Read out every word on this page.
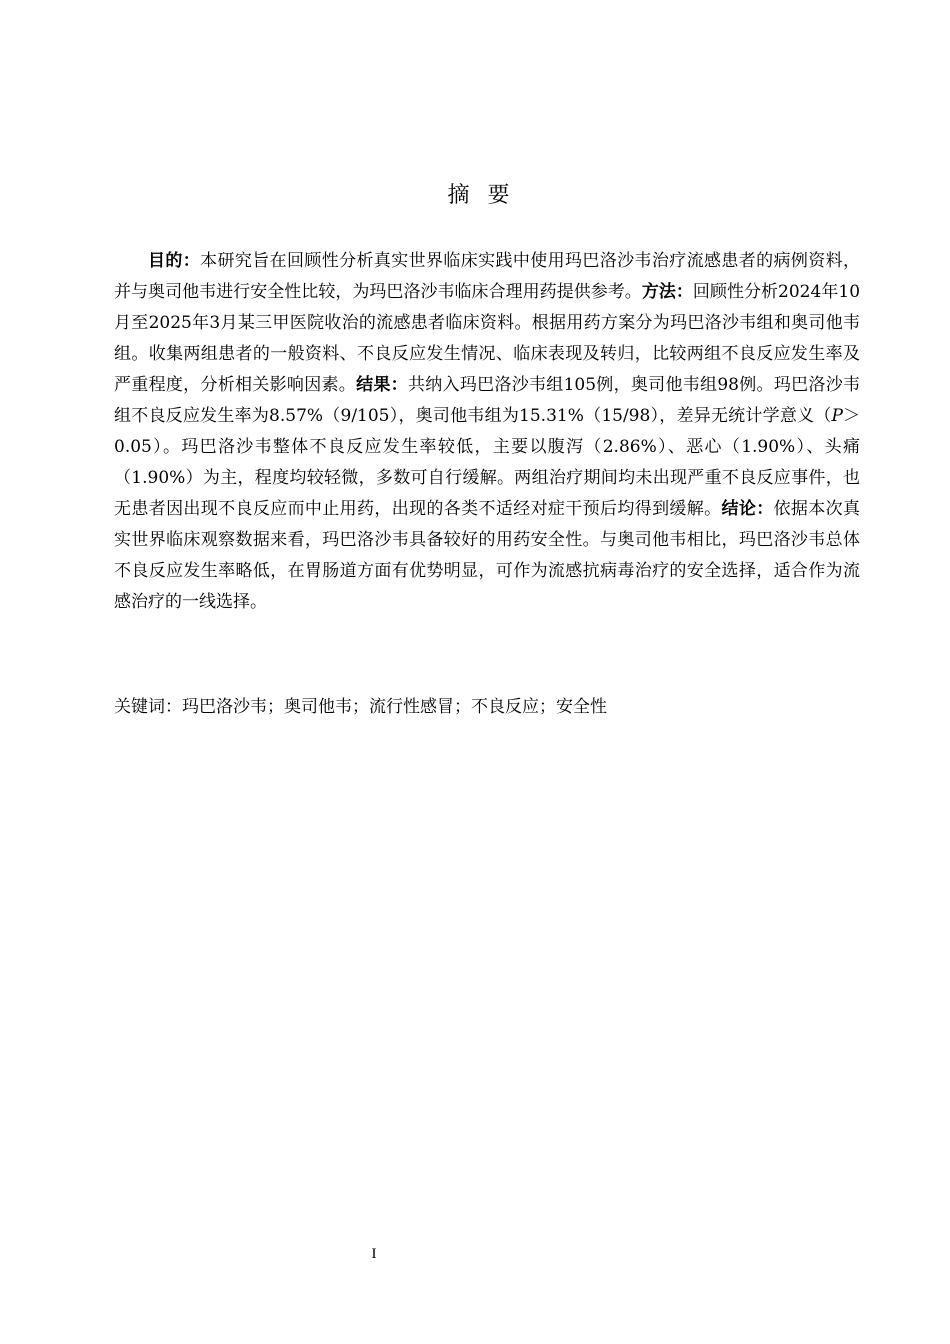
摘要

目的：本研究旨在回顾性分析真实世界临床实践中使用玛巴洛沙韦治疗流感患者的病例资料，并与奥司他韦进行安全性比较，为玛巴洛沙韦临床合理用药提供参考。方法：回顾性分析2024年10月至2025年3月某三甲医院收治的流感患者临床资料。根据用药方案分为玛巴洛沙韦组和奥司他韦组。收集两组患者的一般资料、不良反应发生情况、临床表现及转归，比较两组不良反应发生率及严重程度，分析相关影响因素。结果：共纳入玛巴洛沙韦组105例，奥司他韦组98例。玛巴洛沙韦组不良反应发生率为8.57%（9/105），奥司他韦组为15.31%（15/98），差异无统计学意义（P＞0.05）。玛巴洛沙韦整体不良反应发生率较低，主要以腹泻（2.86%）、恶心（1.90%）、头痛（1.90%）为主，程度均较轻微，多数可自行缓解。两组治疗期间均未出现严重不良反应事件，也无患者因出现不良反应而中止用药，出现的各类不适经对症干预后均得到缓解。结论：依据本次真实世界临床观察数据来看，玛巴洛沙韦具备较好的用药安全性。与奥司他韦相比，玛巴洛沙韦总体不良反应发生率略低，在胃肠道方面有优势明显，可作为流感抗病毒治疗的安全选择，适合作为流感治疗的一线选择。

关键词：玛巴洛沙韦；奥司他韦；流行性感冒；不良反应；安全性

I
